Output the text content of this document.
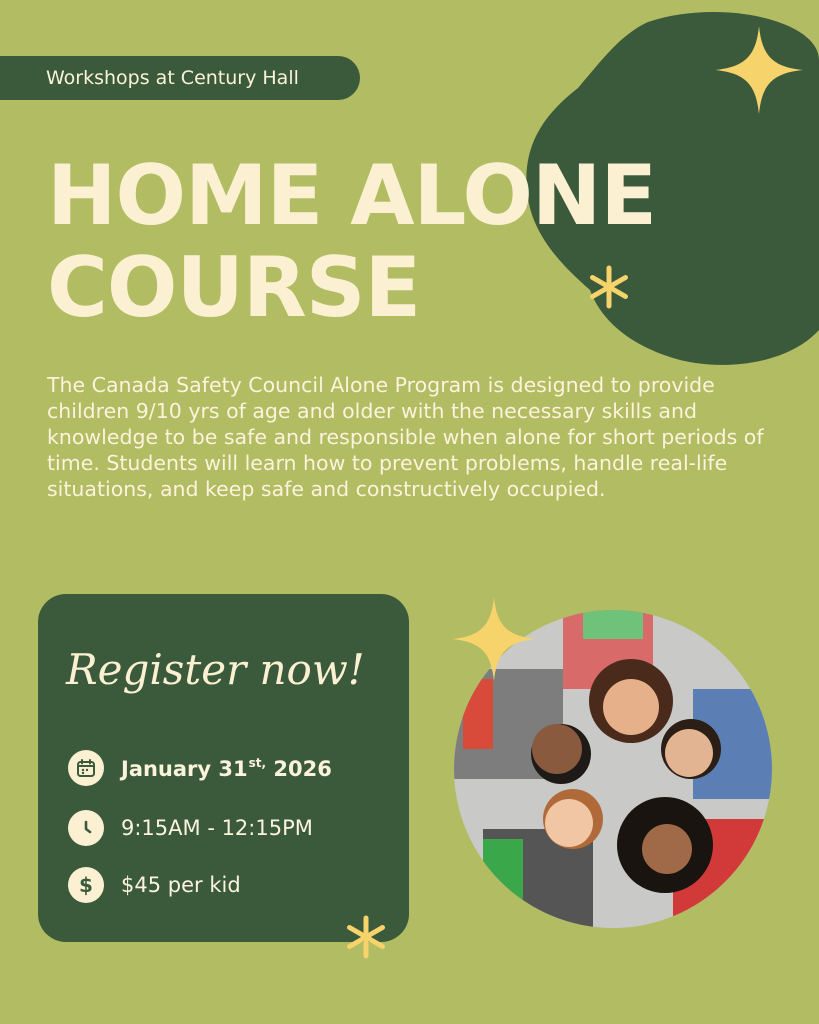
Workshops at Century Hall
HOME ALONE
COURSE

The Canada Safety Council Alone Program is designed to provide children 9/10 yrs of age and older with the necessary skills and knowledge to be safe and responsible when alone for short periods of time. Students will learn how to prevent problems, handle real-life situations, and keep safe and constructively occupied.

Register now!
January $31^{st,}$ 2026
9:15AM - 12:15PM
$ $45 per kid
